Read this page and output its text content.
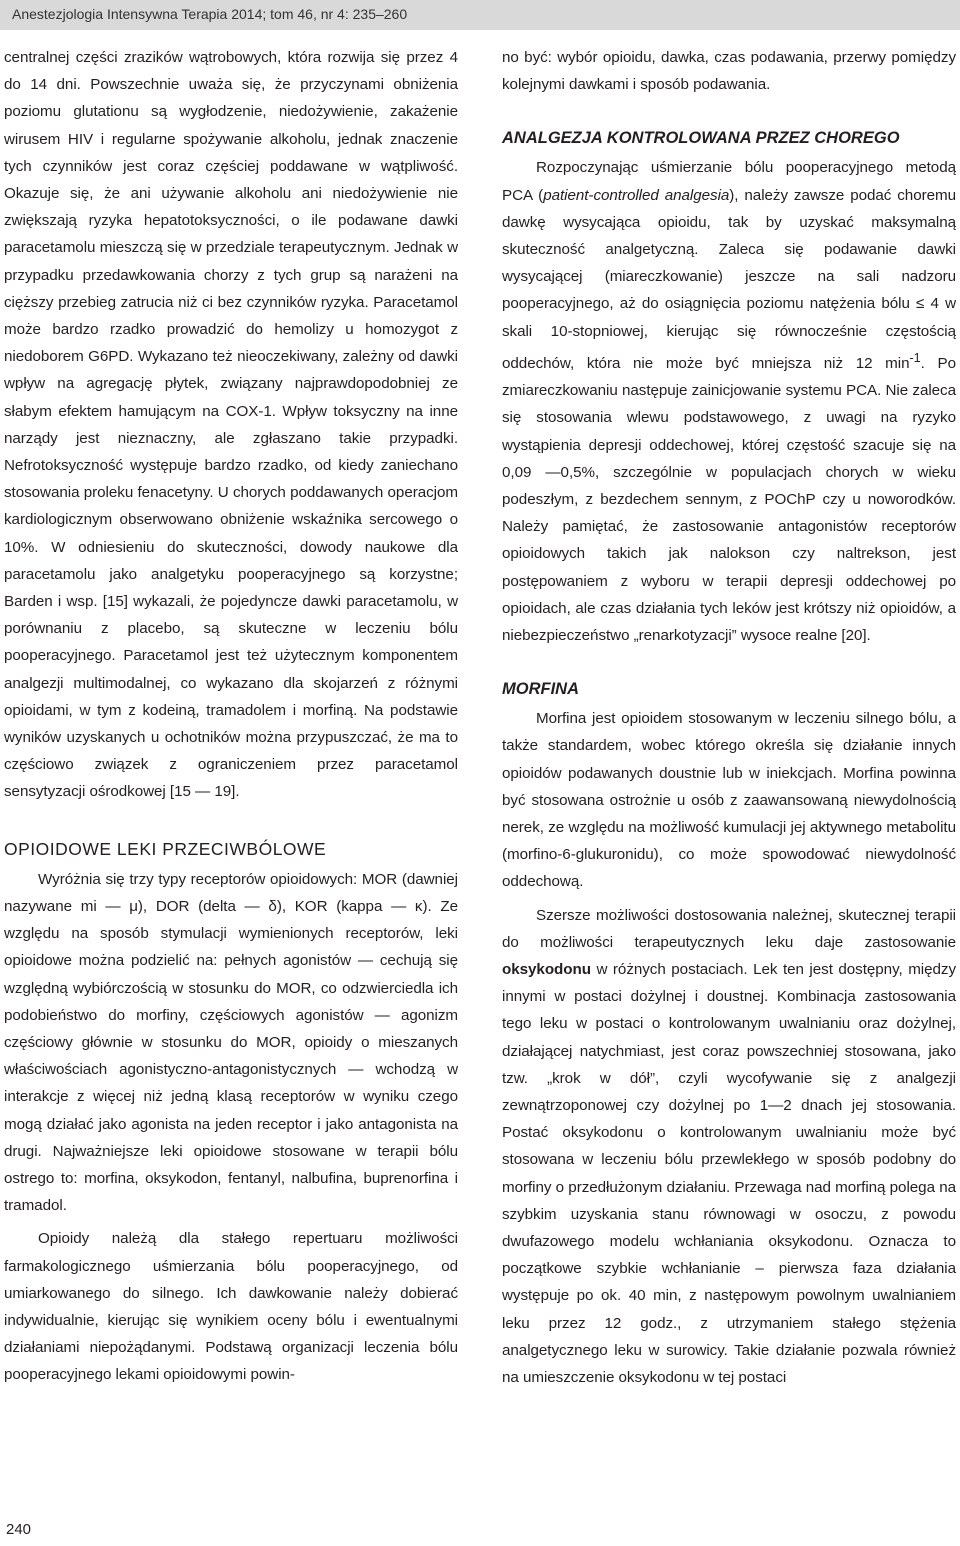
Anestezjologia Intensywna Terapia 2014; tom 46, nr 4: 235–260

centralnej części zrazików wątrobowych, która rozwija się przez 4 do 14 dni. Powszechnie uważa się, że przyczynami obniżenia poziomu glutationu są wygłodzenie, niedożywienie, zakażenie wirusem HIV i regularne spożywanie alkoholu, jednak znaczenie tych czynników jest coraz częściej poddawane w wątpliwość. Okazuje się, że ani używanie alkoholu ani niedożywienie nie zwiększają ryzyka hepatotoksyczności, o ile podawane dawki paracetamolu mieszczą się w przedziale terapeutycznym. Jednak w przypadku przedawkowania chorzy z tych grup są narażeni na cięższy przebieg zatrucia niż ci bez czynników ryzyka. Paracetamol może bardzo rzadko prowadzić do hemolizy u homozygot z niedoborem G6PD. Wykazano też nieoczekiwany, zależny od dawki wpływ na agregację płytek, związany najprawdopodobniej ze słabym efektem hamującym na COX-1. Wpływ toksyczny na inne narządy jest nieznaczny, ale zgłaszano takie przypadki. Nefrotoksyczność występuje bardzo rzadko, od kiedy zaniechano stosowania proleku fenacetyny. U chorych poddawanych operacjom kardiologicznym obserwowano obniżenie wskaźnika sercowego o 10%. W odniesieniu do skuteczności, dowody naukowe dla paracetamolu jako analgetyku pooperacyjnego są korzystne; Barden i wsp. [15] wykazali, że pojedyncze dawki paracetamolu, w porównaniu z placebo, są skuteczne w leczeniu bólu pooperacyjnego. Paracetamol jest też użytecznym komponentem analgezji multimodalnej, co wykazano dla skojarzeń z różnymi opioidami, w tym z kodeiną, tramadolem i morfiną. Na podstawie wyników uzyskanych u ochotników można przypuszczać, że ma to częściowo związek z ograniczeniem przez paracetamol sensytyzacji ośrodkowej [15 — 19].

OPIOIDOWE LEKI PRZECIWBÓLOWE

Wyróżnia się trzy typy receptorów opioidowych: MOR (dawniej nazywane mi — μ), DOR (delta — δ), KOR (kappa — κ). Ze względu na sposób stymulacji wymienionych receptorów, leki opioidowe można podzielić na: pełnych agonistów — cechują się względną wybiórczością w stosunku do MOR, co odzwierciedla ich podobieństwo do morfiny, częściowych agonistów — agonizm częściowy głównie w stosunku do MOR, opioidy o mieszanych właściwościach agonistyczno-antagonistycznych — wchodzą w interakcje z więcej niż jedną klasą receptorów w wyniku czego mogą działać jako agonista na jeden receptor i jako antagonista na drugi. Najważniejsze leki opioidowe stosowane w terapii bólu ostrego to: morfina, oksykodon, fentanyl, nalbufina, buprenorfina i tramadol.

Opioidy należą dla stałego repertuaru możliwości farmakologicznego uśmierzania bólu pooperacyjnego, od umiarkowanego do silnego. Ich dawkowanie należy dobierać indywidualnie, kierując się wynikiem oceny bólu i ewentualnymi działaniami niepożądanymi. Podstawą organizacji leczenia bólu pooperacyjnego lekami opioidowymi powin-

no być: wybór opioidu, dawka, czas podawania, przerwy pomiędzy kolejnymi dawkami i sposób podawania.

ANALGEZJA KONTROLOWANA PRZEZ CHOREGO

Rozpoczynając uśmierzanie bólu pooperacyjnego metodą PCA (patient-controlled analgesia), należy zawsze podać choremu dawkę wysycająca opioidu, tak by uzyskać maksymalną skuteczność analgetyczną. Zaleca się podawanie dawki wysycającej (miareczkowanie) jeszcze na sali nadzoru pooperacyjnego, aż do osiągnięcia poziomu natężenia bólu ≤ 4 w skali 10-stopniowej, kierując się równocześnie częstością oddechów, która nie może być mniejsza niż 12 $\min^{-1}$. Po zmiareczkowaniu następuje zainicjowanie systemu PCA. Nie zaleca się stosowania wlewu podstawowego, z uwagi na ryzyko wystąpienia depresji oddechowej, której częstość szacuje się na 0,09 —0,5%, szczególnie w populacjach chorych w wieku podeszłym, z bezdechem sennym, z POChP czy u noworodków. Należy pamiętać, że zastosowanie antagonistów receptorów opioidowych takich jak nalokson czy naltrekson, jest postępowaniem z wyboru w terapii depresji oddechowej po opioidach, ale czas działania tych leków jest krótszy niż opioidów, a niebezpieczeństwo „renarkotyzacji” wysoce realne [20].

MORFINA

Morfina jest opioidem stosowanym w leczeniu silnego bólu, a także standardem, wobec którego określa się działanie innych opioidów podawanych doustnie lub w iniekcjach. Morfina powinna być stosowana ostrożnie u osób z zaawansowaną niewydolnością nerek, ze względu na możliwość kumulacji jej aktywnego metabolitu (morfino-6-glukuronidu), co może spowodować niewydolność oddechową.

Szersze możliwości dostosowania należnej, skutecznej terapii do możliwości terapeutycznych leku daje zastosowanie oksykodonu w różnych postaciach. Lek ten jest dostępny, między innymi w postaci dożylnej i doustnej. Kombinacja zastosowania tego leku w postaci o kontrolowanym uwalnianiu oraz dożylnej, działającej natychmiast, jest coraz powszechniej stosowana, jako tzw. „krok w dół”, czyli wycofywanie się z analgezji zewnątrzoponowej czy dożylnej po 1—2 dnach jej stosowania. Postać oksykodonu o kontrolowanym uwalnianiu może być stosowana w leczeniu bólu przewlekłego w sposób podobny do morfiny o przedłużonym działaniu. Przewaga nad morfiną polega na szybkim uzyskania stanu równowagi w osoczu, z powodu dwufazowego modelu wchłaniania oksykodonu. Oznacza to początkowe szybkie wchłanianie – pierwsza faza działania występuje po ok. 40 min, z następowym powolnym uwalnianiem leku przez 12 godz., z utrzymaniem stałego stężenia analgetycznego leku w surowicy. Takie działanie pozwala również na umieszczenie oksykodonu w tej postaci

240
